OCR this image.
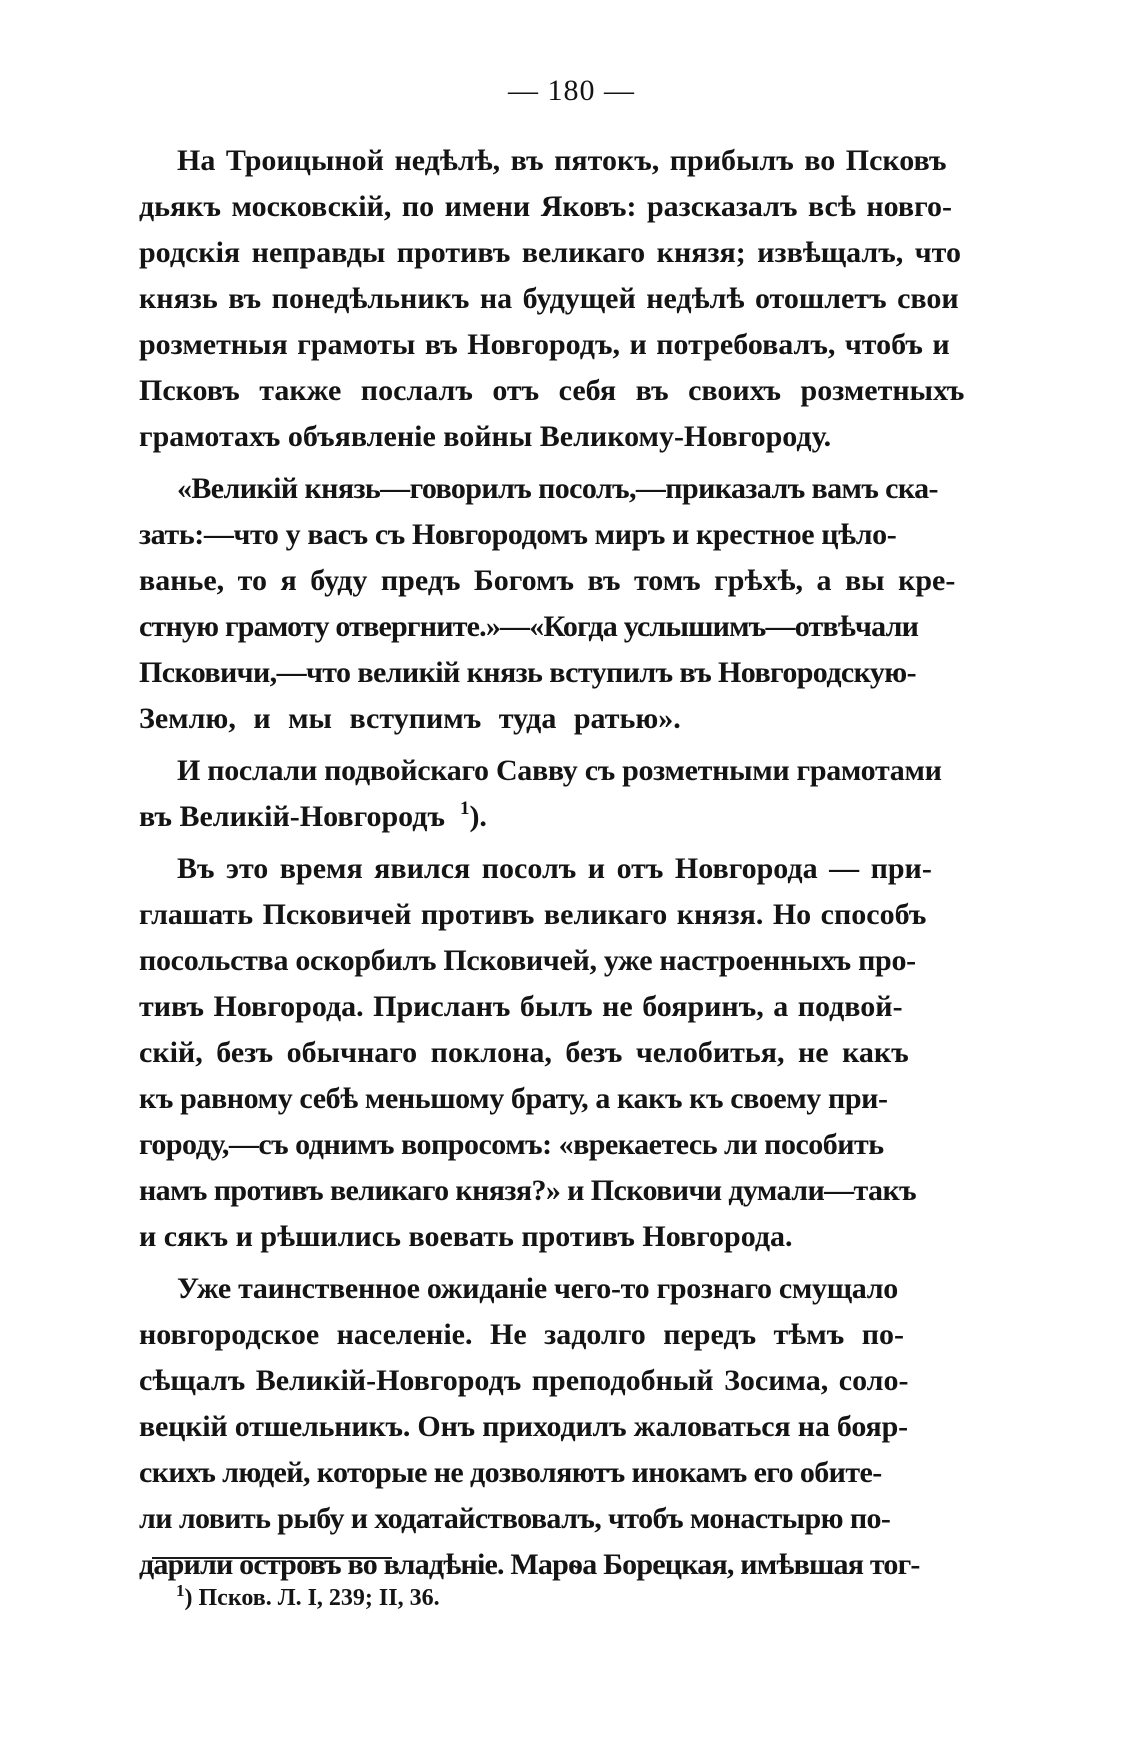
— 180 —
На Троицыной недѣлѣ, въ пятокъ, прибылъ во Псковъ
дьякъ московскій, по имени Яковъ: разсказалъ всѣ новго-
родскія неправды противъ великаго князя; извѣщалъ, что
князь въ понедѣльникъ на будущей недѣлѣ отошлетъ свои
розметныя грамоты въ Новгородъ, и потребовалъ, чтобъ и
Псковъ также послалъ отъ себя въ своихъ розметныхъ
грамотахъ объявленіе войны Великому-Новгороду.
«Великій князь—говорилъ посолъ,—приказалъ вамъ ска-
зать:—что у васъ съ Новгородомъ миръ и крестное цѣло-
ванье, то я буду предъ Богомъ въ томъ грѣхѣ, а вы кре-
стную грамоту отвергните.»—«Когда услышимъ—отвѣчали
Псковичи,—что великій князь вступилъ въ Новгородскую-
Землю, и мы вступимъ туда ратью».
И послали подвойскаго Савву съ розметными грамотами
въ Великій-Новгородъ $^1$).
Въ это время явился посолъ и отъ Новгорода — при-
глашать Псковичей противъ великаго князя. Но способъ
посольства оскорбилъ Псковичей, уже настроенныхъ про-
тивъ Новгорода. Присланъ былъ не бояринъ, а подвой-
скій, безъ обычнаго поклона, безъ челобитья, не какъ
къ равному себѣ меньшому брату, а какъ къ своему при-
городу,—съ однимъ вопросомъ: «врекаетесь ли пособить
намъ противъ великаго князя?» и Псковичи думали—такъ
и сякъ и рѣшились воевать противъ Новгорода.
Уже таинственное ожиданіе чего-то грознаго смущало
новгородское населеніе. Не задолго передъ тѣмъ по-
сѣщалъ Великій-Новгородъ преподобный Зосима, соло-
вецкій отшельникъ. Онъ приходилъ жаловаться на бояр-
скихъ людей, которые не дозволяютъ инокамъ его обите-
ли ловить рыбу и ходатайствовалъ, чтобъ монастырю по-
дарили островъ во владѣніе. Марѳа Борецкая, имѣвшая тог-
$^1$) Псков. Л. I, 239; II, 36.
